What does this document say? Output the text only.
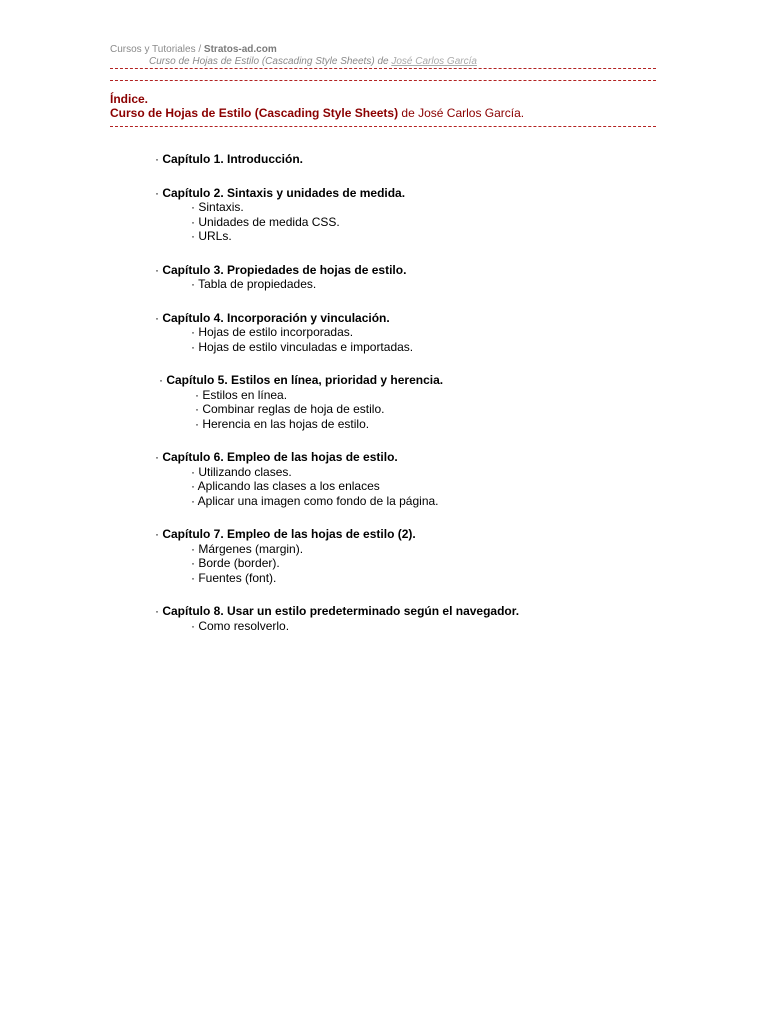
Cursos y Tutoriales / Stratos-ad.com
Curso de Hojas de Estilo (Cascading Style Sheets) de José Carlos García
Índice.
Curso de Hojas de Estilo (Cascading Style Sheets) de José Carlos García.
· Capítulo 1. Introducción.
· Capítulo 2. Sintaxis y unidades de medida.
· Sintaxis.
· Unidades de medida CSS.
· URLs.
· Capítulo 3. Propiedades de hojas de estilo.
· Tabla de propiedades.
· Capítulo 4. Incorporación y vinculación.
· Hojas de estilo incorporadas.
· Hojas de estilo vinculadas e importadas.
· Capítulo 5. Estilos en línea, prioridad y herencia.
· Estilos en línea.
· Combinar reglas de hoja de estilo.
· Herencia en las hojas de estilo.
· Capítulo 6. Empleo de las hojas de estilo.
· Utilizando clases.
· Aplicando las clases a los enlaces
· Aplicar una imagen como fondo de la página.
· Capítulo 7. Empleo de las hojas de estilo (2).
· Márgenes (margin).
· Borde (border).
· Fuentes (font).
· Capítulo 8. Usar un estilo predeterminado según el navegador.
· Como resolverlo.
